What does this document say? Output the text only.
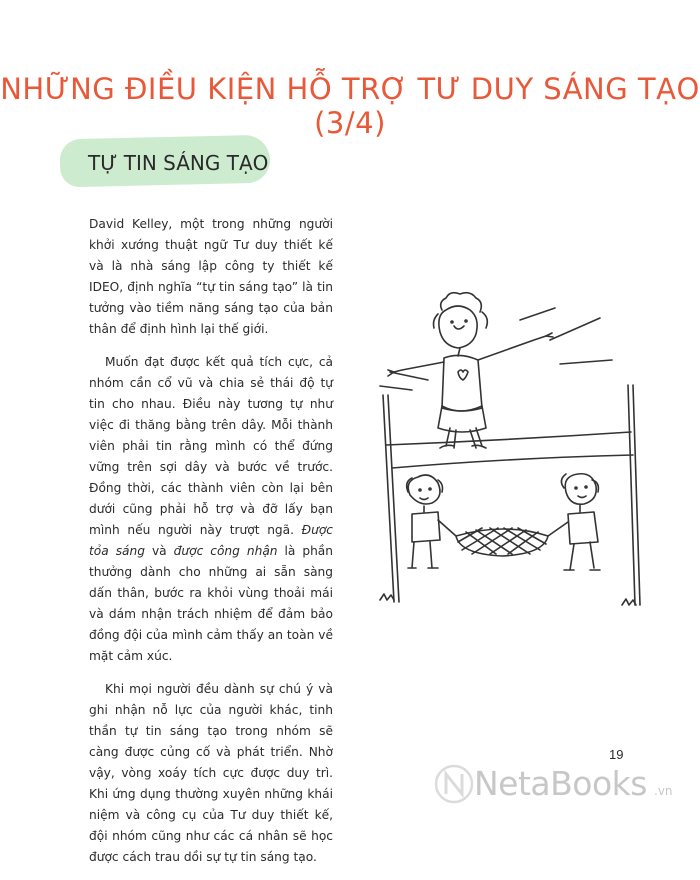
NHỮNG ĐIỀU KIỆN HỖ TRỢ TƯ DUY SÁNG TẠO (3/4)
TỰ TIN SÁNG TẠO

David Kelley, một trong những người khởi xướng thuật ngữ Tư duy thiết kế và là nhà sáng lập công ty thiết kế IDEO, định nghĩa “tự tin sáng tạo” là tin tưởng vào tiềm năng sáng tạo của bản thân để định hình lại thế giới.

Muốn đạt được kết quả tích cực, cả nhóm cần cổ vũ và chia sẻ thái độ tự tin cho nhau. Điều này tương tự như việc đi thăng bằng trên dây. Mỗi thành viên phải tin rằng mình có thể đứng vững trên sợi dây và bước về trước. Đồng thời, các thành viên còn lại bên dưới cũng phải hỗ trợ và đỡ lấy bạn mình nếu người này trượt ngã. Được tỏa sáng và được công nhận là phần thưởng dành cho những ai sẵn sàng dấn thân, bước ra khỏi vùng thoải mái và dám nhận trách nhiệm để đảm bảo đồng đội của mình cảm thấy an toàn về mặt cảm xúc.

Khi mọi người đều dành sự chú ý và ghi nhận nỗ lực của người khác, tinh thần tự tin sáng tạo trong nhóm sẽ càng được củng cố và phát triển. Nhờ vậy, vòng xoáy tích cực được duy trì. Khi ứng dụng thường xuyên những khái niệm và công cụ của Tư duy thiết kế, đội nhóm cũng như các cá nhân sẽ học được cách trau dồi sự tự tin sáng tạo.

19
NetaBooks .vn
